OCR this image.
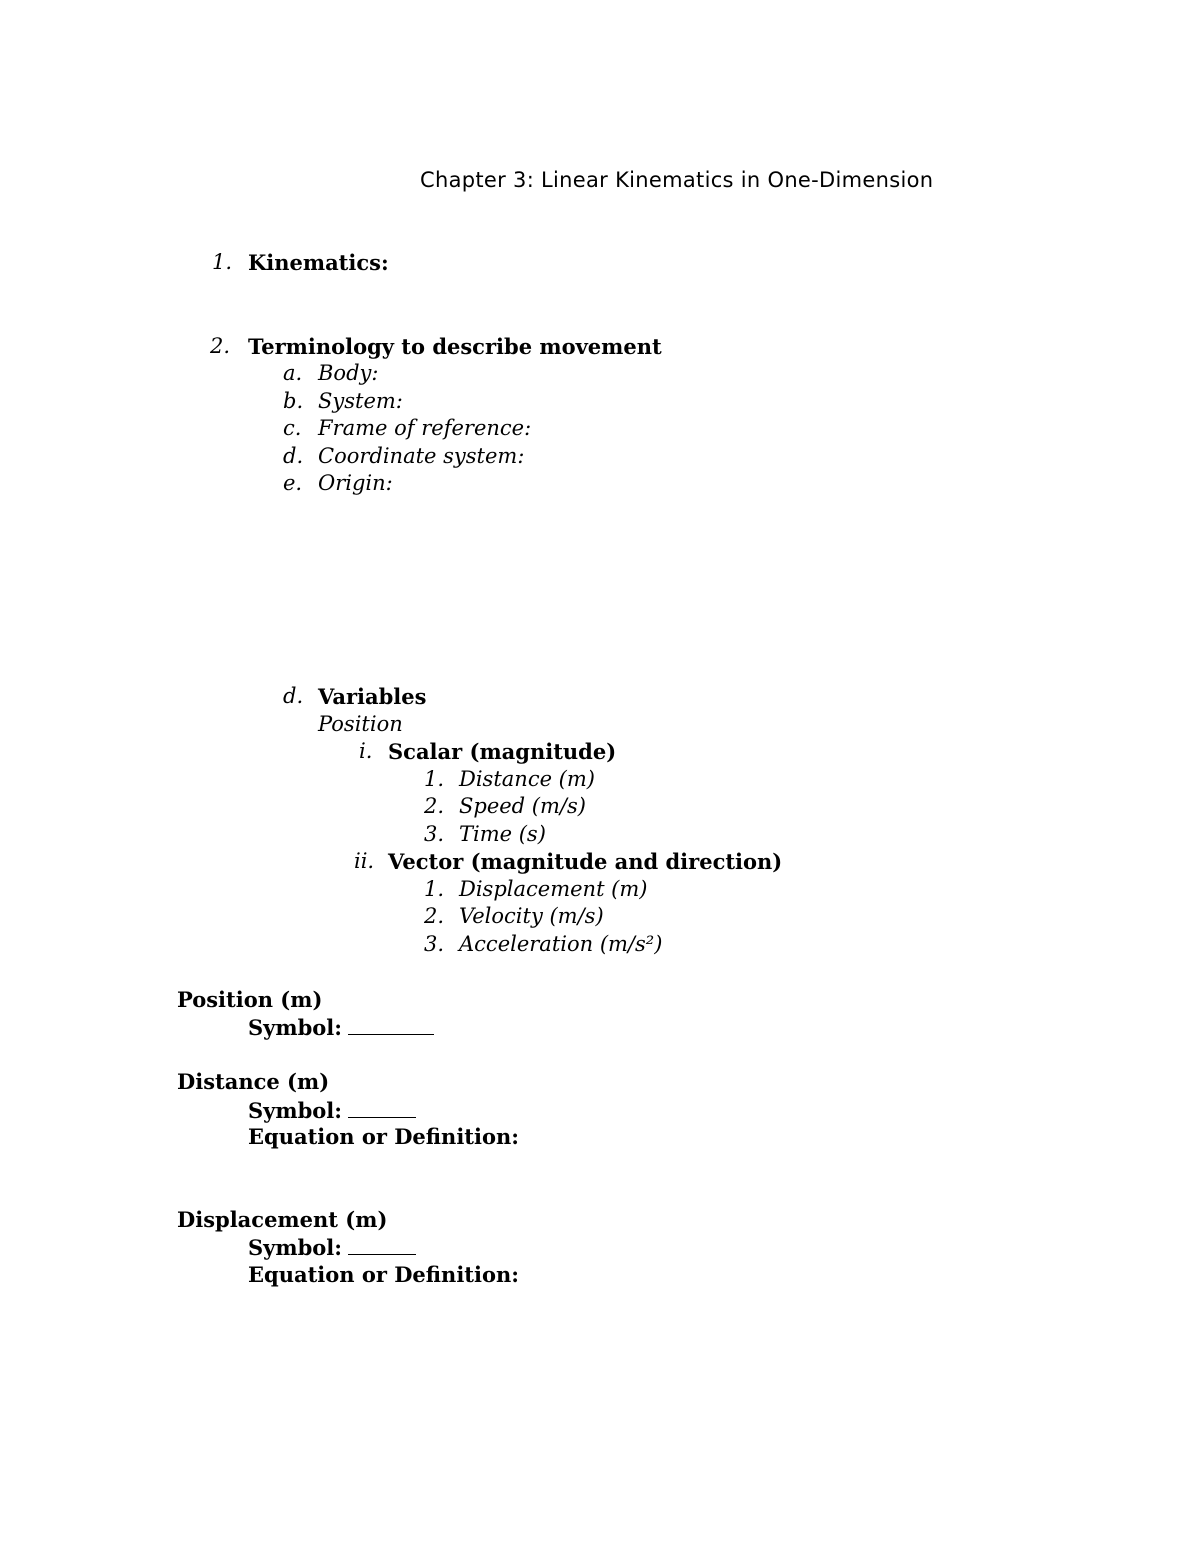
Chapter 3: Linear Kinematics in One-Dimension
1. Kinematics:
2. Terminology to describe movement
a. Body:
b. System:
c. Frame of reference:
d. Coordinate system:
e. Origin:
d. Variables
Position
i. Scalar (magnitude)
1. Distance (m)
2. Speed (m/s)
3. Time (s)
ii. Vector (magnitude and direction)
1. Displacement (m)
2. Velocity (m/s)
3. Acceleration (m/s²)
Position (m)
Symbol:
Distance (m)
Symbol:
Equation or Definition:
Displacement (m)
Symbol:
Equation or Definition:
